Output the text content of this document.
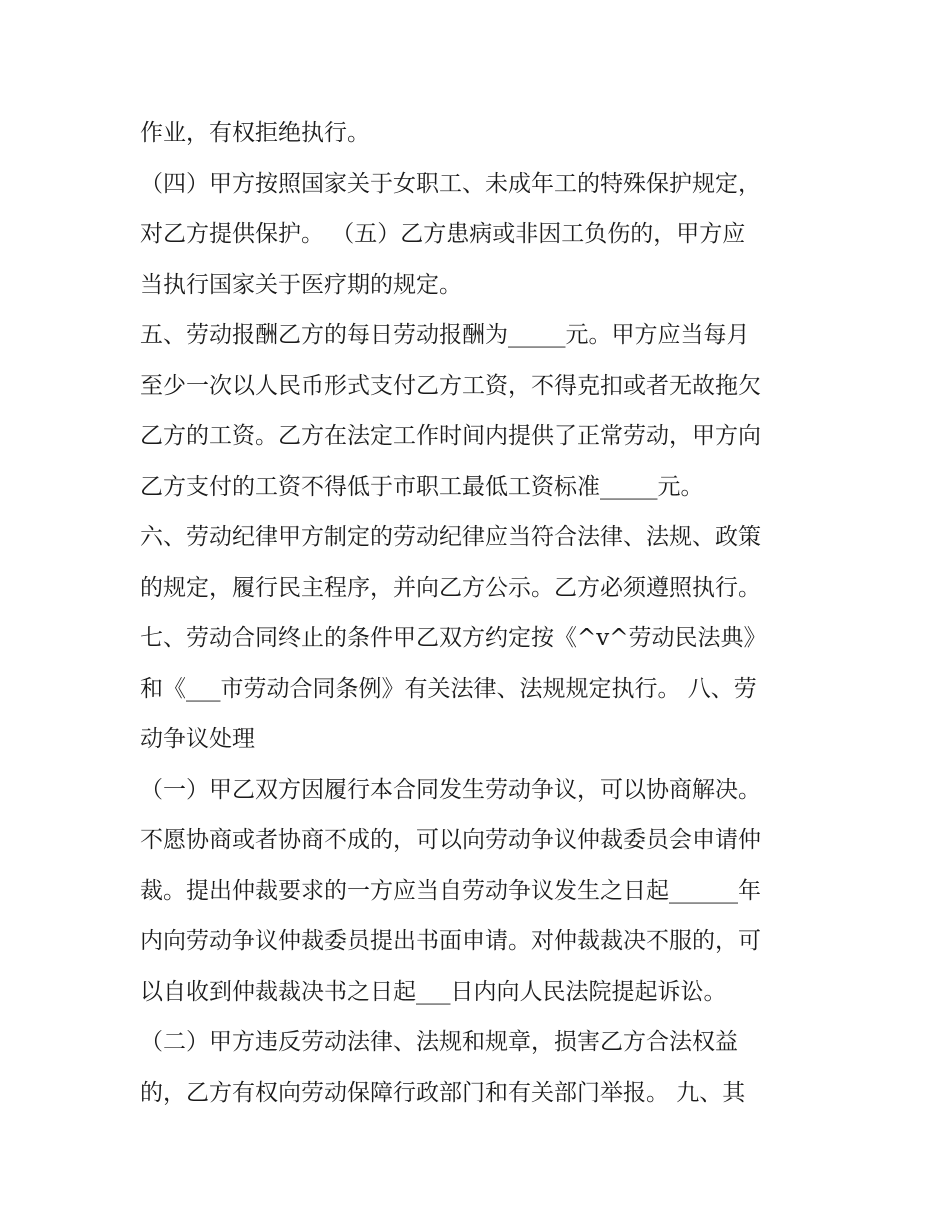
作业，有权拒绝执行。
（四）甲方按照国家关于女职工、未成年工的特殊保护规定，
对乙方提供保护。 （五）乙方患病或非因工负伤的，甲方应
当执行国家关于医疗期的规定。
五、劳动报酬乙方的每日劳动报酬为_____元。甲方应当每月
至少一次以人民币形式支付乙方工资，不得克扣或者无故拖欠
乙方的工资。乙方在法定工作时间内提供了正常劳动，甲方向
乙方支付的工资不得低于市职工最低工资标准_____元。
六、劳动纪律甲方制定的劳动纪律应当符合法律、法规、政策
的规定，履行民主程序，并向乙方公示。乙方必须遵照执行。
七、劳动合同终止的条件甲乙双方约定按《^v^劳动民法典》
和《___市劳动合同条例》有关法律、法规规定执行。 八、劳
动争议处理
（一）甲乙双方因履行本合同发生劳动争议，可以协商解决。
不愿协商或者协商不成的，可以向劳动争议仲裁委员会申请仲
裁。提出仲裁要求的一方应当自劳动争议发生之日起______年
内向劳动争议仲裁委员提出书面申请。对仲裁裁决不服的，可
以自收到仲裁裁决书之日起___日内向人民法院提起诉讼。
（二）甲方违反劳动法律、法规和规章，损害乙方合法权益
的，乙方有权向劳动保障行政部门和有关部门举报。 九、其
